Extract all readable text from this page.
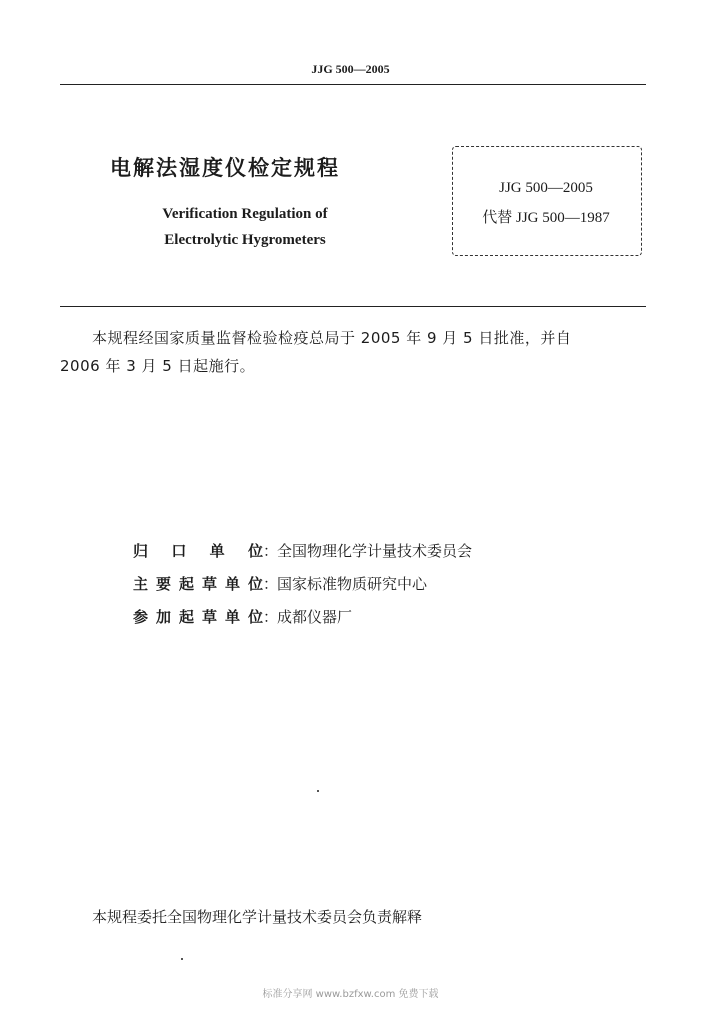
JJG 500—2005
电解法湿度仪检定规程
Verification Regulation of
Electrolytic Hygrometers
JJG 500—2005
代替 JJG 500—1987
本规程经国家质量监督检验检疫总局于 2005 年 9 月 5 日批准，并自
2006 年 3 月 5 日起施行。
归 口 单 位：全国物理化学计量技术委员会
主要起草单位：国家标准物质研究中心
参加起草单位：成都仪器厂
本规程委托全国物理化学计量技术委员会负责解释
标准分享网 www.bzfxw.com 免费下载
